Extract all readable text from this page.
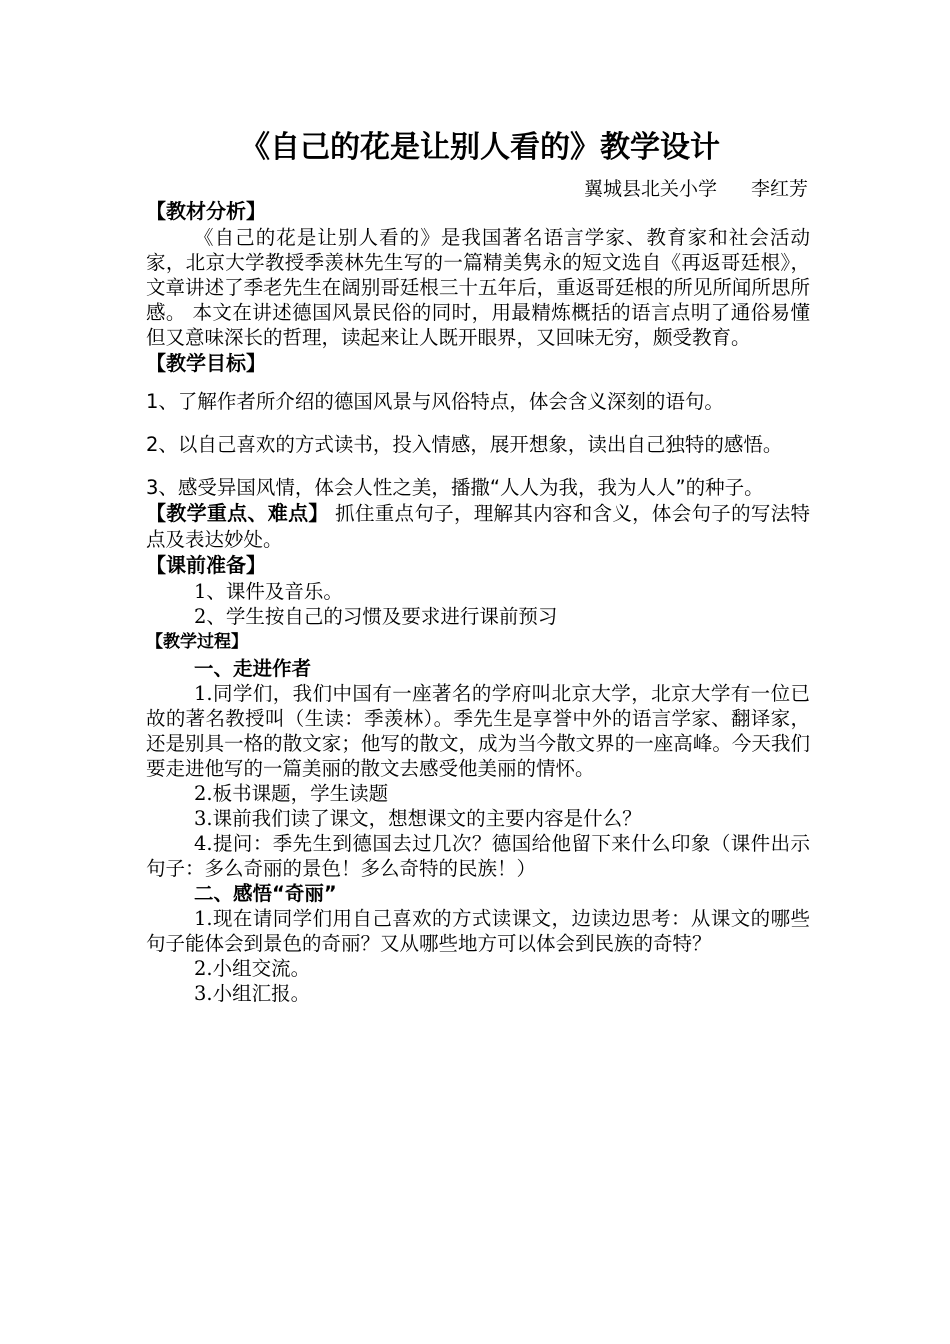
《自己的花是让别人看的》教学设计
翼城县北关小学 李红芳
【教材分析】

《自己的花是让别人看的》是我国著名语言学家、教育家和社会活动家，北京大学教授季羡林先生写的一篇精美隽永的短文选自《再返哥廷根》，文章讲述了季老先生在阔别哥廷根三十五年后，重返哥廷根的所见所闻所思所感。 本文在讲述德国风景民俗的同时，用最精炼概括的语言点明了通俗易懂但又意味深长的哲理，读起来让人既开眼界，又回味无穷，颇受教育。

【教学目标】

1、了解作者所介绍的德国风景与风俗特点，体会含义深刻的语句。

2、以自己喜欢的方式读书，投入情感，展开想象，读出自己独特的感悟。

3、感受异国风情，体会人性之美，播撒“人人为我，我为人人”的种子。

【教学重点、难点】 抓住重点句子，理解其内容和含义，体会句子的写法特点及表达妙处。

【课前准备】

1、课件及音乐。

2、学生按自己的习惯及要求进行课前预习

【教学过程】

一、走进作者

1.同学们，我们中国有一座著名的学府叫北京大学，北京大学有一位已故的著名教授叫（生读：季羡林）。季先生是享誉中外的语言学家、翻译家，还是别具一格的散文家；他写的散文，成为当今散文界的一座高峰。今天我们要走进他写的一篇美丽的散文去感受他美丽的情怀。

2.板书课题，学生读题

3.课前我们读了课文，想想课文的主要内容是什么？

4.提问：季先生到德国去过几次？德国给他留下来什么印象（课件出示句子：多么奇丽的景色！多么奇特的民族！）

二、感悟“奇丽”

1.现在请同学们用自己喜欢的方式读课文，边读边思考：从课文的哪些句子能体会到景色的奇丽？又从哪些地方可以体会到民族的奇特？

2.小组交流。

3.小组汇报。
